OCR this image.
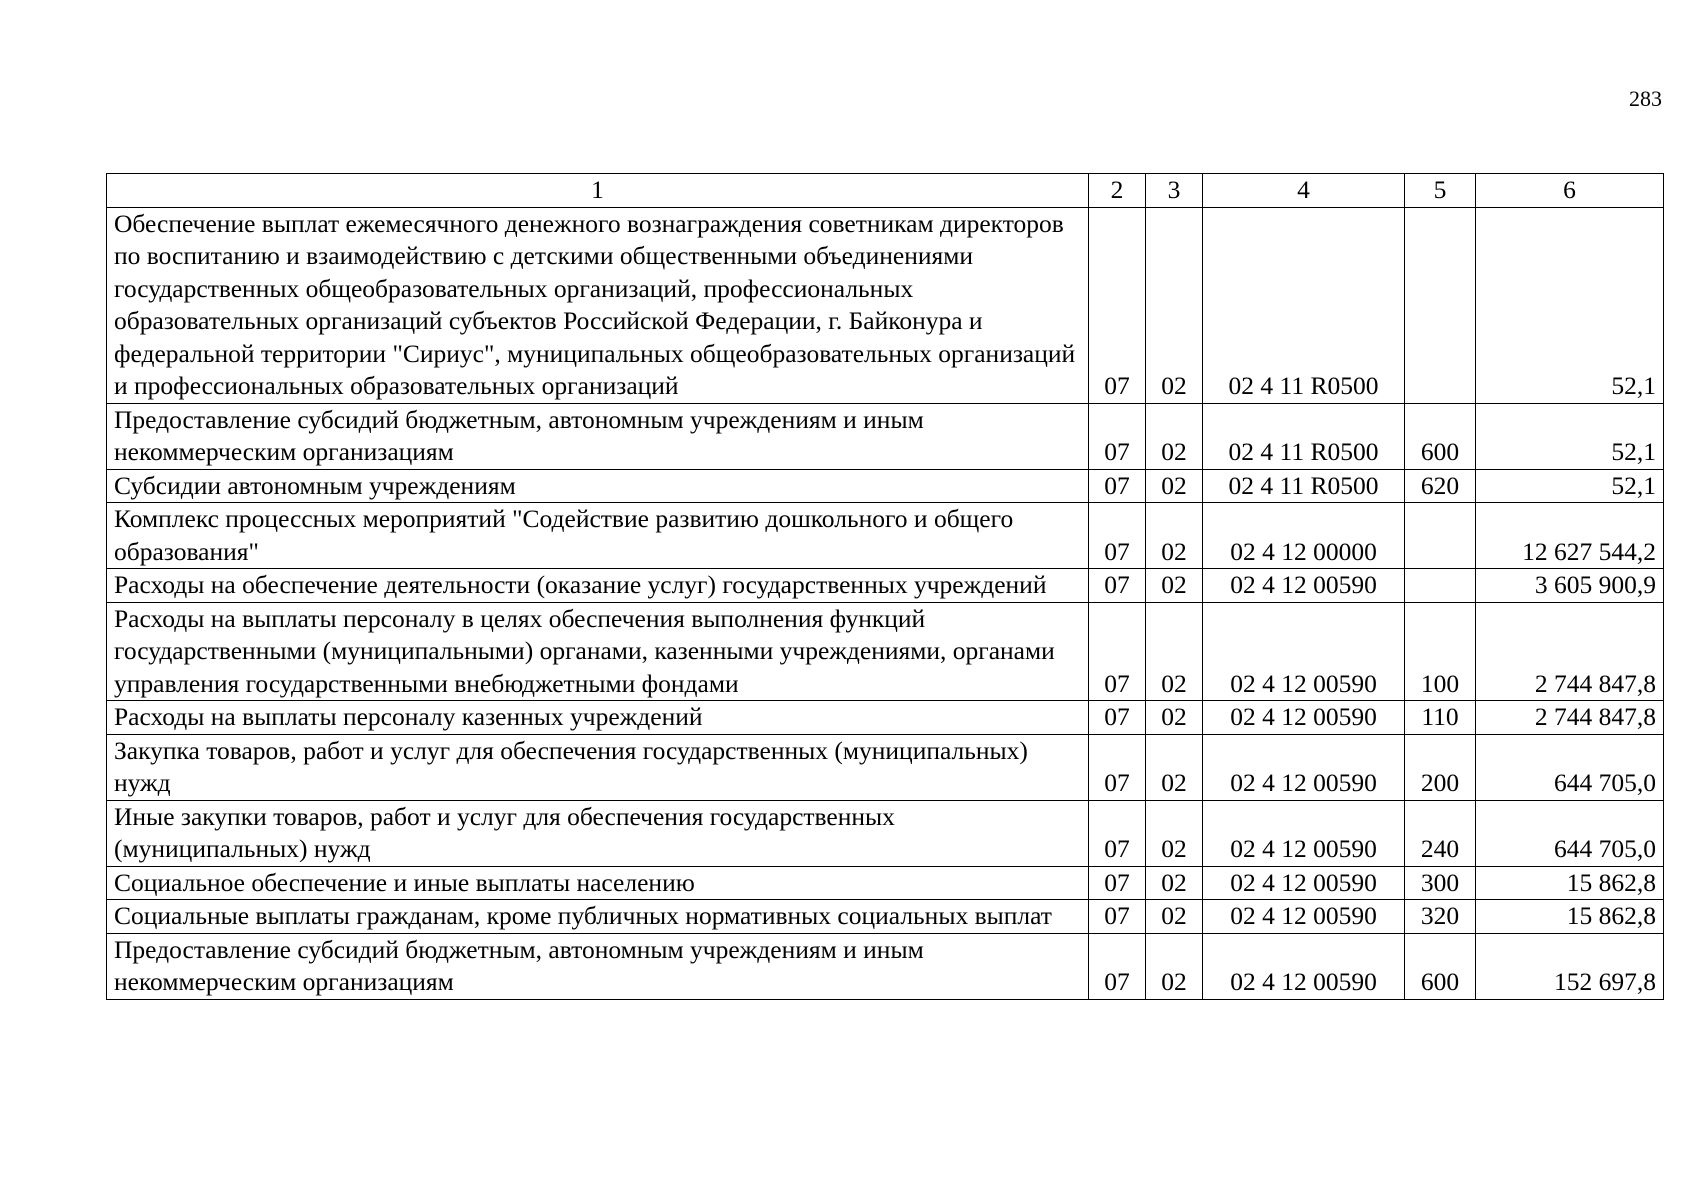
283
1	2	3	4	5	6
Обеспечение выплат ежемесячного денежного вознаграждения советникам директоров по воспитанию и взаимодействию с детскими общественными объединениями государственных общеобразовательных организаций, профессиональных образовательных организаций субъектов Российской Федерации, г. Байконура и федеральной территории "Сириус", муниципальных общеобразовательных организаций и профессиональных образовательных организаций	07	02	02 4 11 R0500		52,1
Предоставление субсидий бюджетным, автономным учреждениям и иным некоммерческим организациям	07	02	02 4 11 R0500	600	52,1
Субсидии автономным учреждениям	07	02	02 4 11 R0500	620	52,1
Комплекс процессных мероприятий "Содействие развитию дошкольного и общего образования"	07	02	02 4 12 00000		12 627 544,2
Расходы на обеспечение деятельности (оказание услуг) государственных учреждений	07	02	02 4 12 00590		3 605 900,9
Расходы на выплаты персоналу в целях обеспечения выполнения функций государственными (муниципальными) органами, казенными учреждениями, органами управления государственными внебюджетными фондами	07	02	02 4 12 00590	100	2 744 847,8
Расходы на выплаты персоналу казенных учреждений	07	02	02 4 12 00590	110	2 744 847,8
Закупка товаров, работ и услуг для обеспечения государственных (муниципальных) нужд	07	02	02 4 12 00590	200	644 705,0
Иные закупки товаров, работ и услуг для обеспечения государственных (муниципальных) нужд	07	02	02 4 12 00590	240	644 705,0
Социальное обеспечение и иные выплаты населению	07	02	02 4 12 00590	300	15 862,8
Социальные выплаты гражданам, кроме публичных нормативных социальных выплат	07	02	02 4 12 00590	320	15 862,8
Предоставление субсидий бюджетным, автономным учреждениям и иным некоммерческим организациям	07	02	02 4 12 00590	600	152 697,8
